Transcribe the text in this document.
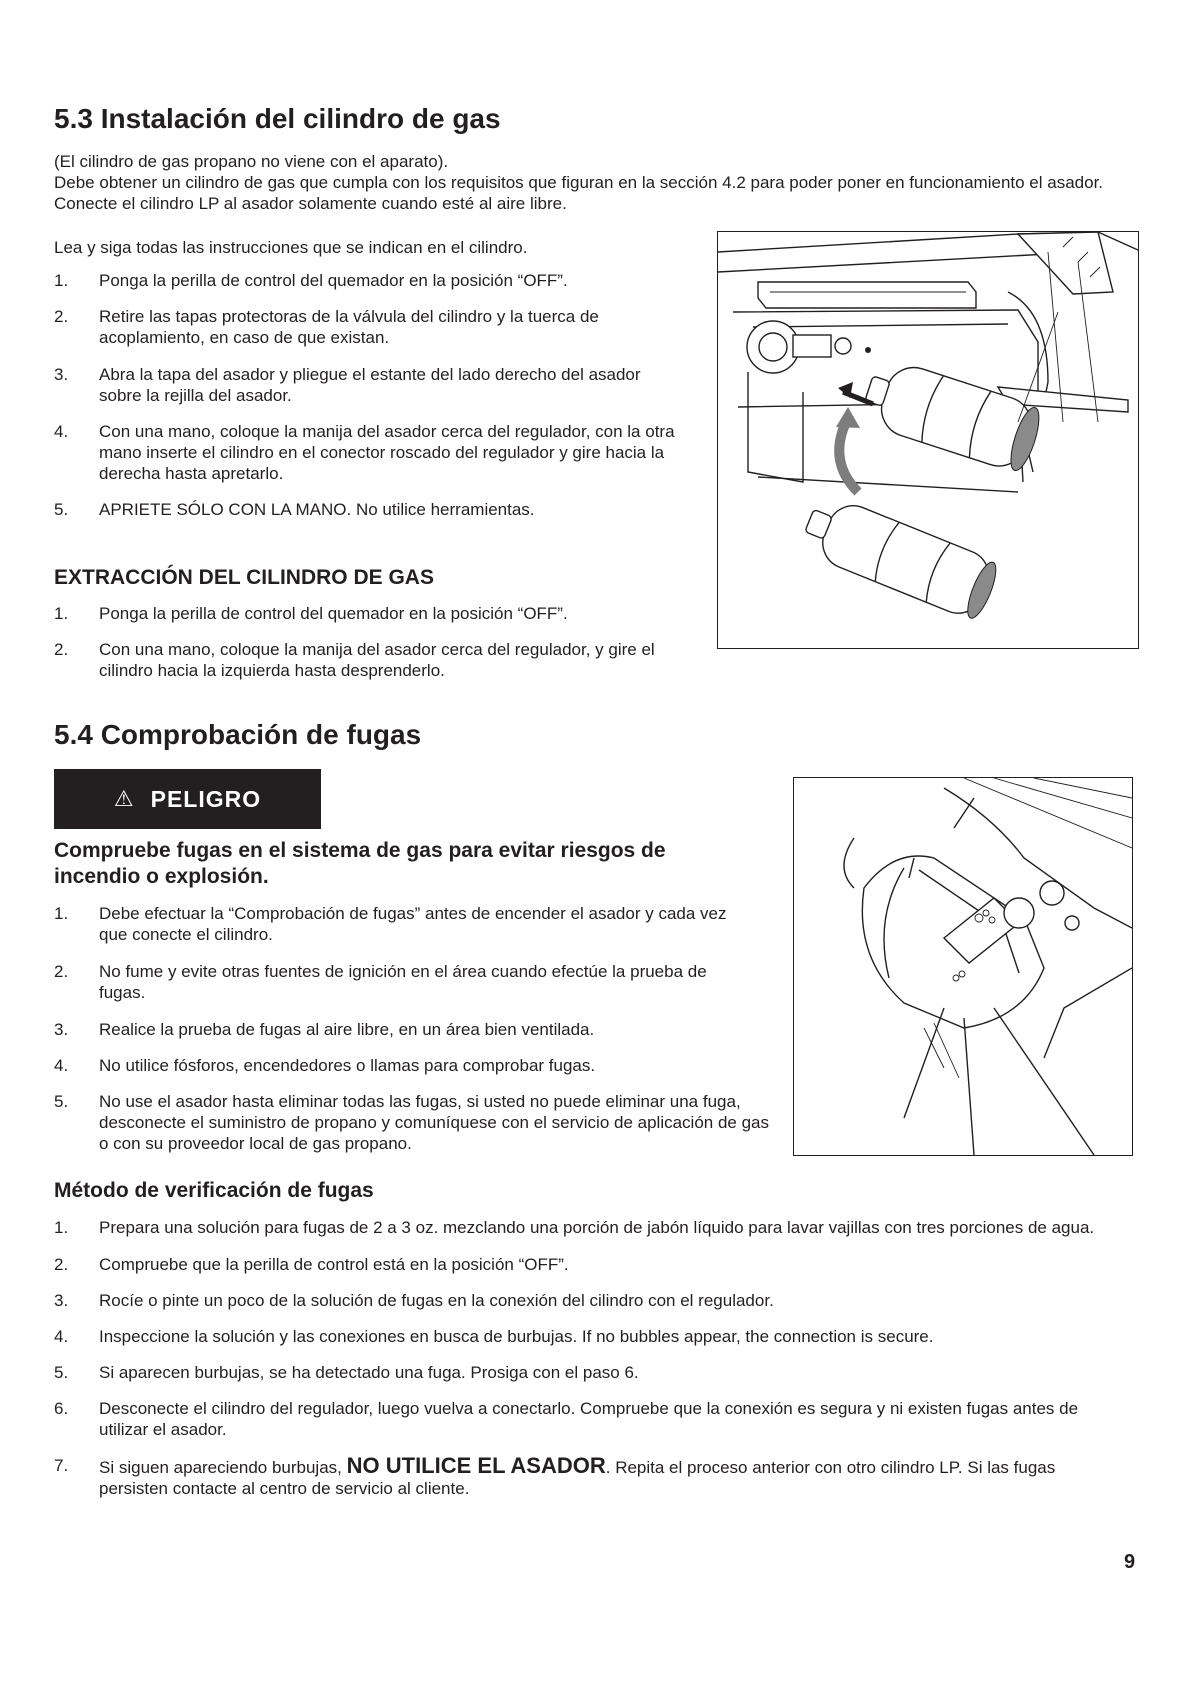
5.3 Instalación del cilindro de gas

(El cilindro de gas propano no viene con el aparato).

Debe obtener un cilindro de gas que cumpla con los requisitos que figuran en la sección 4.2 para poder poner en funcionamiento el asador. Conecte el cilindro LP al asador solamente cuando esté al aire libre.

Lea y siga todas las instrucciones que se indican en el cilindro.

1. Ponga la perilla de control del quemador en la posición “OFF”.
2. Retire las tapas protectoras de la válvula del cilindro y la tuerca de acoplamiento, en caso de que existan.
3. Abra la tapa del asador y pliegue el estante del lado derecho del asador sobre la rejilla del asador.
4. Con una mano, coloque la manija del asador cerca del regulador, con la otra mano inserte el cilindro en el conector roscado del regulador y gire hacia la derecha hasta apretarlo.
5. APRIETE SÓLO CON LA MANO. No utilice herramientas.
EXTRACCIÓN DEL CILINDRO DE GAS
1. Ponga la perilla de control del quemador en la posición “OFF”.
2. Con una mano, coloque la manija del asador cerca del regulador, y gire el cilindro hacia la izquierda hasta desprenderlo.
5.4 Comprobación de fugas
⚠ PELIGRO

Compruebe fugas en el sistema de gas para evitar riesgos de incendio o explosión.

1. Debe efectuar la “Comprobación de fugas” antes de encender el asador y cada vez que conecte el cilindro.
2. No fume y evite otras fuentes de ignición en el área cuando efectúe la prueba de fugas.
3. Realice la prueba de fugas al aire libre, en un área bien ventilada.
4. No utilice fósforos, encendedores o llamas para comprobar fugas.
5. No use el asador hasta eliminar todas las fugas, si usted no puede eliminar una fuga, desconecte el suministro de propano y comuníquese con el servicio de aplicación de gas o con su proveedor local de gas propano.
Método de verificación de fugas
1. Prepara una solución para fugas de 2 a 3 oz. mezclando una porción de jabón líquido para lavar vajillas con tres porciones de agua.
2. Compruebe que la perilla de control está en la posición “OFF”.
3. Rocíe o pinte un poco de la solución de fugas en la conexión del cilindro con el regulador.
4. Inspeccione la solución y las conexiones en busca de burbujas. If no bubbles appear, the connection is secure.
5. Si aparecen burbujas, se ha detectado una fuga. Prosiga con el paso 6.
6. Desconecte el cilindro del regulador, luego vuelva a conectarlo. Compruebe que la conexión es segura y ni existen fugas antes de utilizar el asador.
7. Si siguen apareciendo burbujas, NO UTILICE EL ASADOR. Repita el proceso anterior con otro cilindro LP. Si las fugas persisten contacte al centro de servicio al cliente.
9
